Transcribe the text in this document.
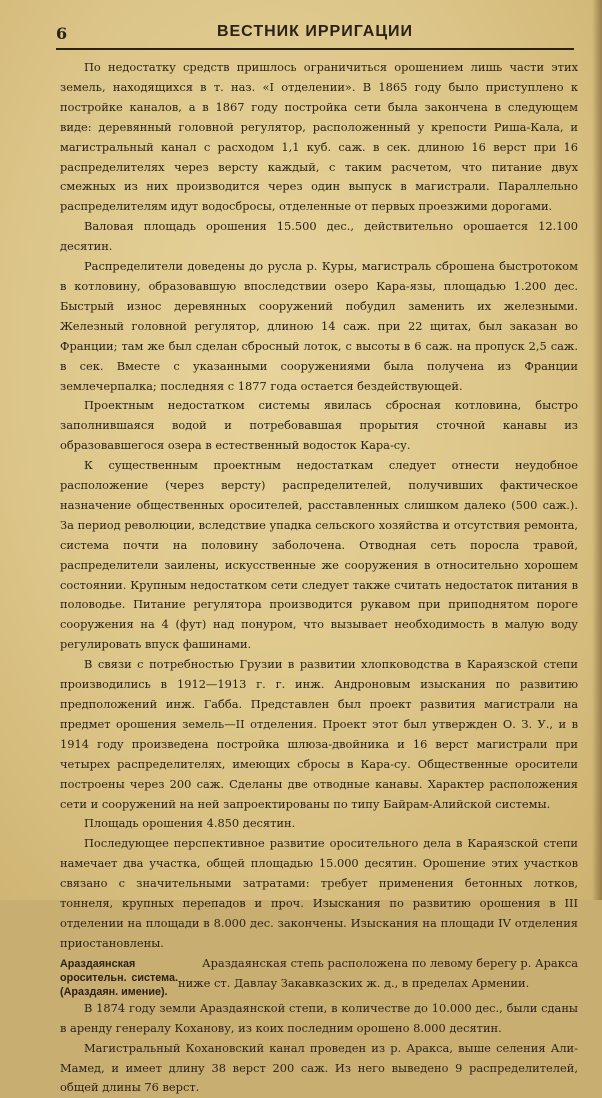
6	ВЕСТНИК ИРРИГАЦИИ

По недостатку средств пришлось ограничиться орошением лишь части этих земель, находящихся в т. наз. «I отделении». В 1865 году было приступлено к постройке каналов, а в 1867 году постройка сети была закончена в следующем виде: деревянный головной регулятор, расположенный у крепости Риша-Кала, и магистральный канал с расходом 1,1 куб. саж. в сек. длиною 16 верст при 16 распределителях через версту каждый, с таким расчетом, что питание двух смежных из них производится через один выпуск в магистрали. Параллельно распределителям идут водосбросы, отделенные от первых проезжими дорогами.

Валовая площадь орошения 15.500 дес., действительно орошается 12.100 десятин.

Распределители доведены до русла р. Куры, магистраль сброшена быстротоком в котловину, образовавшую впоследствии озеро Кара-язы, площадью 1.200 дес. Быстрый износ деревянных сооружений побудил заменить их железными. Железный головной регулятор, длиною 14 саж. при 22 щитах, был заказан во Франции; там же был сделан сбросный лоток, с высоты в 6 саж. на пропуск 2,5 саж. в сек. Вместе с указанными сооружениями была получена из Франции землечерпалка; последняя с 1877 года остается бездействующей.

Проектным недостатком системы явилась сбросная котловина, быстро заполнившаяся водой и потребовавшая прорытия сточной канавы из образовавшегося озера в естественный водосток Кара-су.

К существенным проектным недостаткам следует отнести неудобное расположение (через версту) распределителей, получивших фактическое назначение общественных оросителей, расставленных слишком далеко (500 саж.). За период революции, вследствие упадка сельского хозяйства и отсутствия ремонта, система почти на половину заболочена. Отводная сеть поросла травой, распределители заилены, искусственные же сооружения в относительно хорошем состоянии. Крупным недостатком сети следует также считать недостаток питания в половодье. Питание регулятора производится рукавом при приподнятом пороге сооружения на 4 (фут) над понуром, что вызывает необходимость в малую воду регулировать впуск фашинами.

В связи с потребностью Грузии в развитии хлопководства в Караязской степи производились в 1912—1913 г. г. инж. Андроновым изыскания по развитию предположений инж. Габба. Представлен был проект развития магистрали на предмет орошения земель—II отделения. Проект этот был утвержден О. З. У., и в 1914 году произведена постройка шлюза-двойника и 16 верст магистрали при четырех распределителях, имеющих сбросы в Кара-су. Общественные оросители построены через 200 саж. Сделаны две отводные канавы. Характер расположения сети и сооружений на ней запроектированы по типу Байрам-Алийской системы.

Площадь орошения 4.850 десятин.

Последующее перспективное развитие оросительного дела в Караязской степи намечает два участка, общей площадью 15.000 десятин. Орошение этих участков связано с значительными затратами: требует применения бетонных лотков, тоннеля, крупных перепадов и проч. Изыскания по развитию орошения в III отделении на площади в 8.000 дес. закончены. Изыскания на площади IV отделения приостановлены.

Араздаянская оросительн. система. (Араздаян. имение).

Араздаянская степь расположена по левому берегу р. Аракса ниже ст. Давлау Закавказских ж. д., в пределах Армении.

В 1874 году земли Араздаянской степи, в количестве до 10.000 дес., были сданы в аренду генералу Коханову, из коих последним орошено 8.000 десятин.

Магистральный Кохановский канал проведен из р. Аракса, выше селения Али-Мамед, и имеет длину 38 верст 200 саж. Из него выведено 9 распределителей, общей длины 76 верст.
